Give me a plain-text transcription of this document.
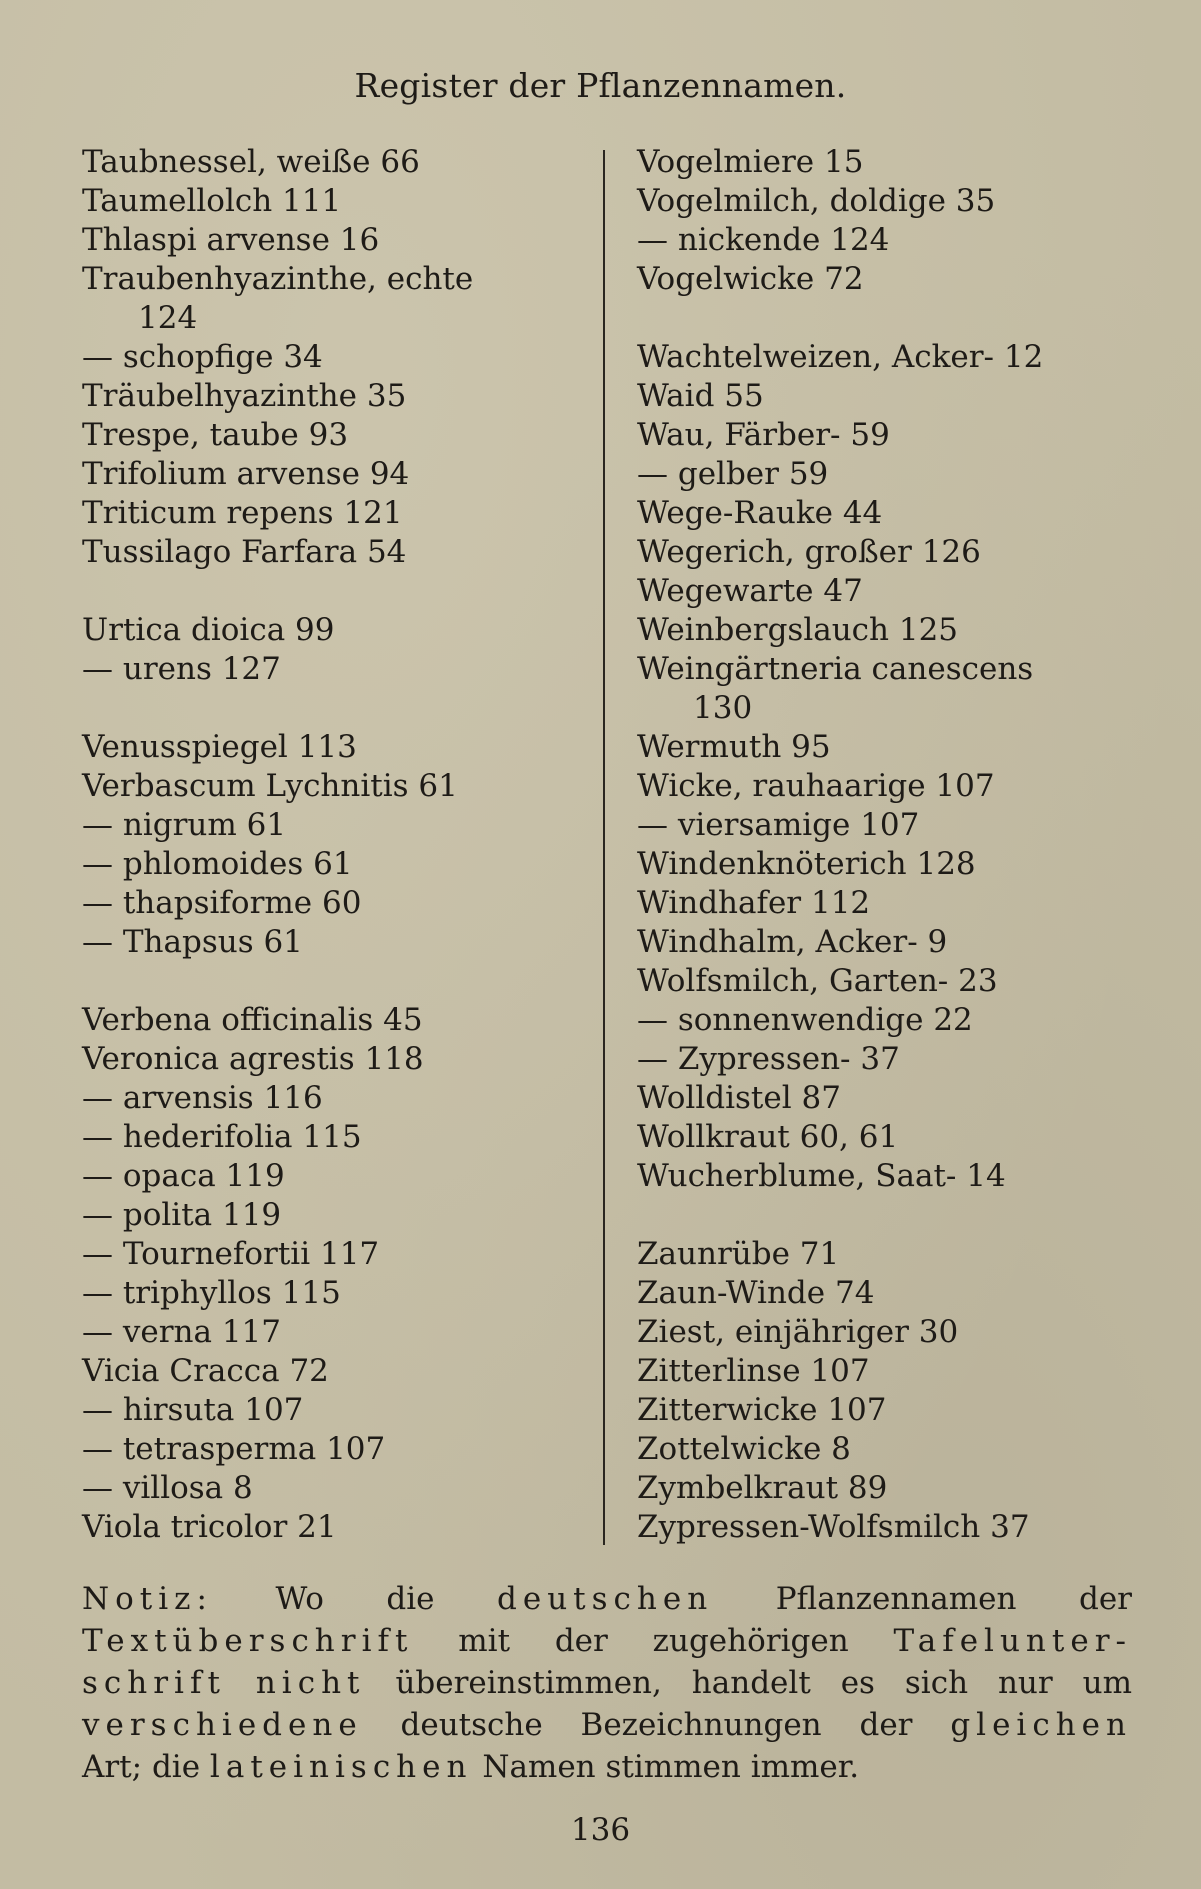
Register der Pflanzennamen.
Taubnessel, weiße 66
Taumellolch 111
Thlaspi arvense 16
Traubenhyazinthe, echte
124
— schopfige 34
Träubelhyazinthe 35
Trespe, taube 93
Trifolium arvense 94
Triticum repens 121
Tussilago Farfara 54
Urtica dioica 99
— urens 127
Venusspiegel 113
Verbascum Lychnitis 61
— nigrum 61
— phlomoides 61
— thapsiforme 60
— Thapsus 61
Verbena officinalis 45
Veronica agrestis 118
— arvensis 116
— hederifolia 115
— opaca 119
— polita 119
— Tournefortii 117
— triphyllos 115
— verna 117
Vicia Cracca 72
— hirsuta 107
— tetrasperma 107
— villosa 8
Viola tricolor 21
Vogelmiere 15
Vogelmilch, doldige 35
— nickende 124
Vogelwicke 72
Wachtelweizen, Acker- 12
Waid 55
Wau, Färber- 59
— gelber 59
Wege-Rauke 44
Wegerich, großer 126
Wegewarte 47
Weinbergslauch 125
Weingärtneria canescens
130
Wermuth 95
Wicke, rauhaarige 107
— viersamige 107
Windenknöterich 128
Windhafer 112
Windhalm, Acker- 9
Wolfsmilch, Garten- 23
— sonnenwendige 22
— Zypressen- 37
Wolldistel 87
Wollkraut 60, 61
Wucherblume, Saat- 14
Zaunrübe 71
Zaun-Winde 74
Ziest, einjähriger 30
Zitterlinse 107
Zitterwicke 107
Zottelwicke 8
Zymbelkraut 89
Zypressen-Wolfsmilch 37
Notiz: Wo die deutschen Pflanzennamen der
Textüberschrift mit der zugehörigen Tafelunter-
schrift nicht übereinstimmen, handelt es sich nur um
verschiedene deutsche Bezeichnungen der gleichen
Art; die lateinischen Namen stimmen immer.
136
